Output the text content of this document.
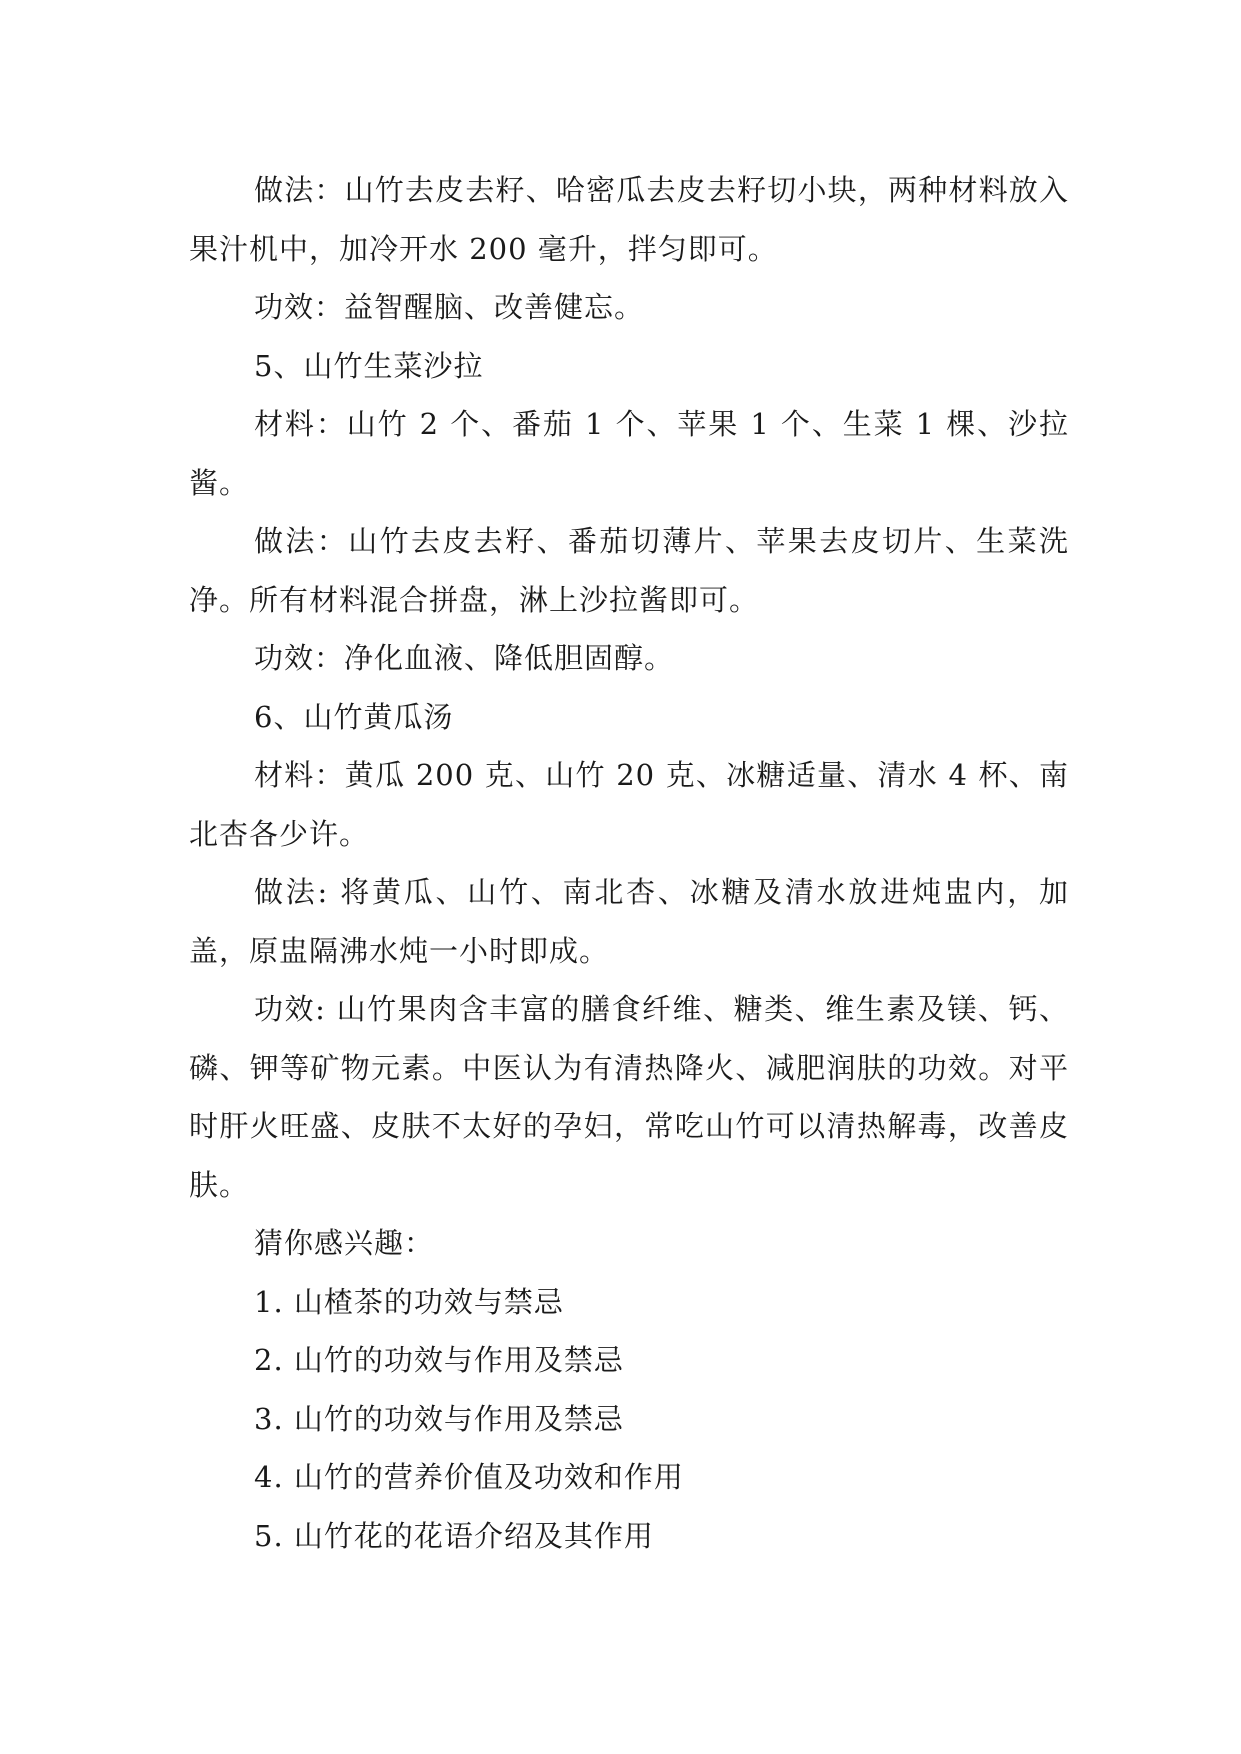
做法：山竹去皮去籽、哈密瓜去皮去籽切小块，两种材料放入果汁机中，加冷开水 200 毫升，拌匀即可。

功效：益智醒脑、改善健忘。

5、山竹生菜沙拉

材料：山竹 2 个、番茄 1 个、苹果 1 个、生菜 1 棵、沙拉酱。

做法：山竹去皮去籽、番茄切薄片、苹果去皮切片、生菜洗净。所有材料混合拼盘，淋上沙拉酱即可。

功效：净化血液、降低胆固醇。

6、山竹黄瓜汤

材料：黄瓜 200 克、山竹 20 克、冰糖适量、清水 4 杯、南北杏各少许。

做法: 将黄瓜、山竹、南北杏、冰糖及清水放进炖盅内，加盖，原盅隔沸水炖一小时即成。

功效: 山竹果肉含丰富的膳食纤维、糖类、维生素及镁、钙、磷、钾等矿物元素。中医认为有清热降火、减肥润肤的功效。对平时肝火旺盛、皮肤不太好的孕妇，常吃山竹可以清热解毒，改善皮肤。

猜你感兴趣：

1. 山楂茶的功效与禁忌

2. 山竹的功效与作用及禁忌

3. 山竹的功效与作用及禁忌

4. 山竹的营养价值及功效和作用

5. 山竹花的花语介绍及其作用
